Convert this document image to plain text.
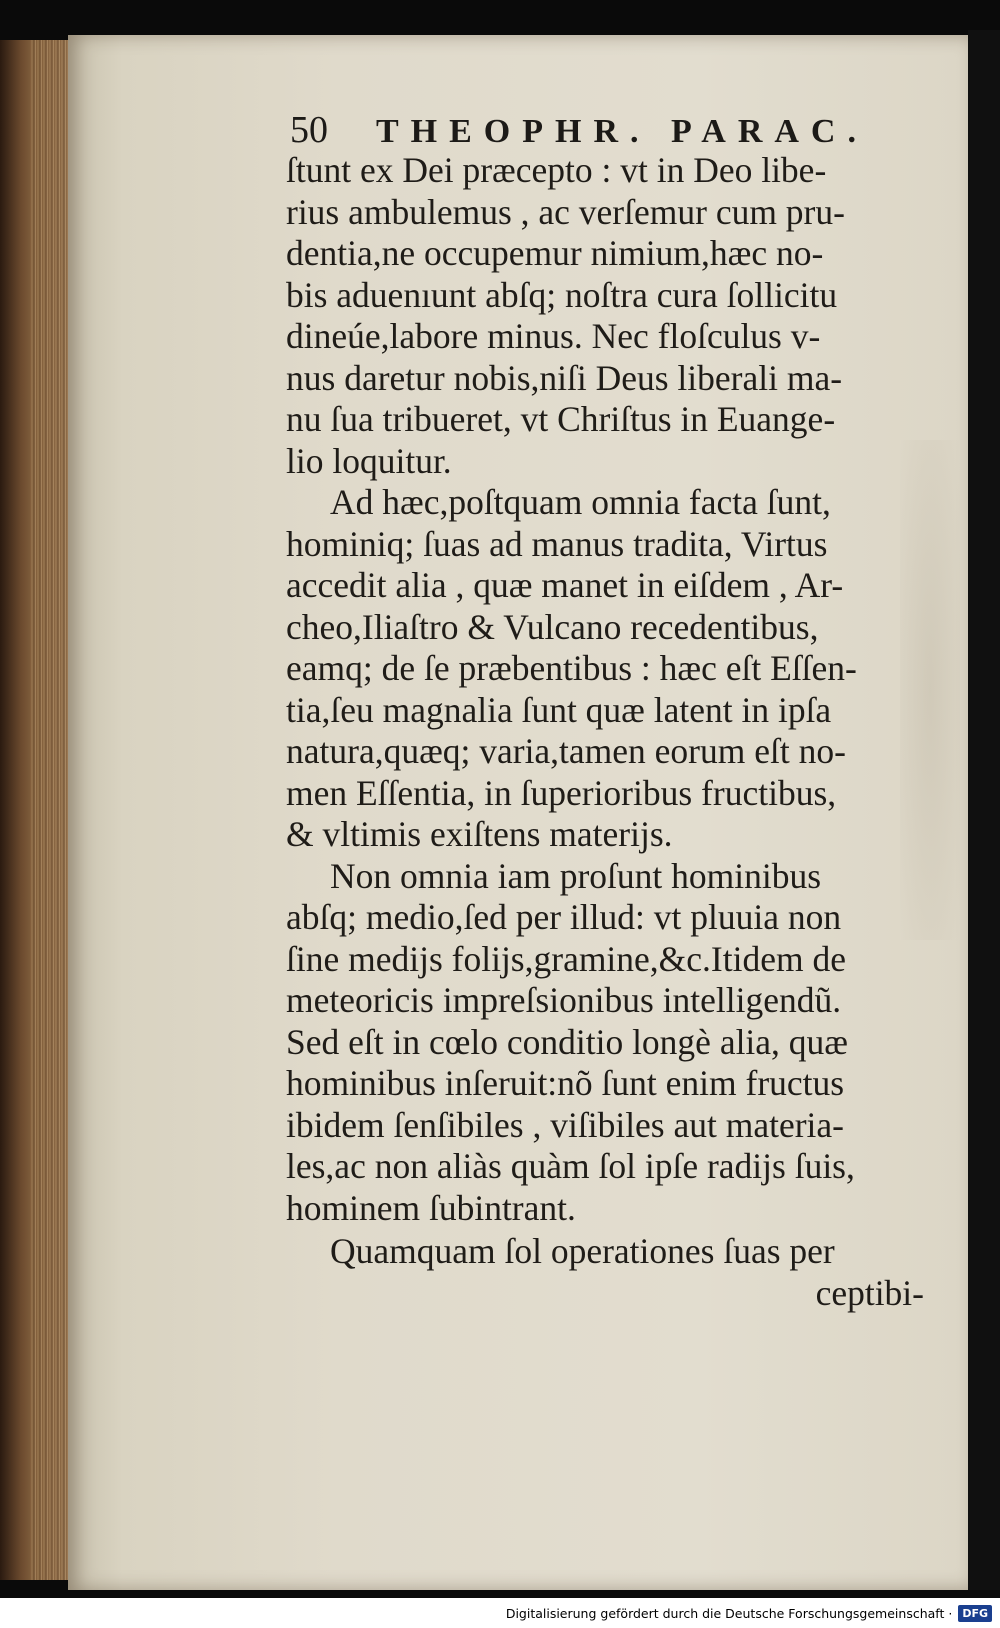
50 THEOPHR. PARAC.
ſtunt ex Dei præcepto : vt in Deo libe-
rius ambulemus , ac verſemur cum pru-
dentia,ne occupemur nimium,hæc no-
bis aduenıunt abſq; noſtra cura ſollicitu
dineúe,labore minus. Nec floſculus v-
nus daretur nobis,niſi Deus liberali ma-
nu ſua tribueret, vt Chriſtus in Euange-
lio loquitur.
Ad hæc,poſtquam omnia facta ſunt,
hominiq; ſuas ad manus tradita, Virtus
accedit alia , quæ manet in eiſdem , Ar-
cheo,Iliaſtro & Vulcano recedentibus,
eamq; de ſe præbentibus : hæc eſt Eſſen-
tia,ſeu magnalia ſunt quæ latent in ipſa
natura,quæq; varia,tamen eorum eſt no-
men Eſſentia, in ſuperioribus fructibus,
& vltimis exiſtens materijs.
Non omnia iam proſunt hominibus
abſq; medio,ſed per illud: vt pluuia non
ſine medijs folijs,gramine,&c.Itidem de
meteoricis impreſsionibus intelligendũ.
Sed eſt in cœlo conditio longè alia, quæ
hominibus inſeruit:nõ ſunt enim fructus
ibidem ſenſibiles , viſibiles aut materia-
les,ac non aliàs quàm ſol ipſe radijs ſuis,
hominem ſubintrant.
Quamquam ſol operationes ſuas per
ceptibi-
Digitalisierung gefördert durch die Deutsche Forschungsgemeinschaft · DFG
